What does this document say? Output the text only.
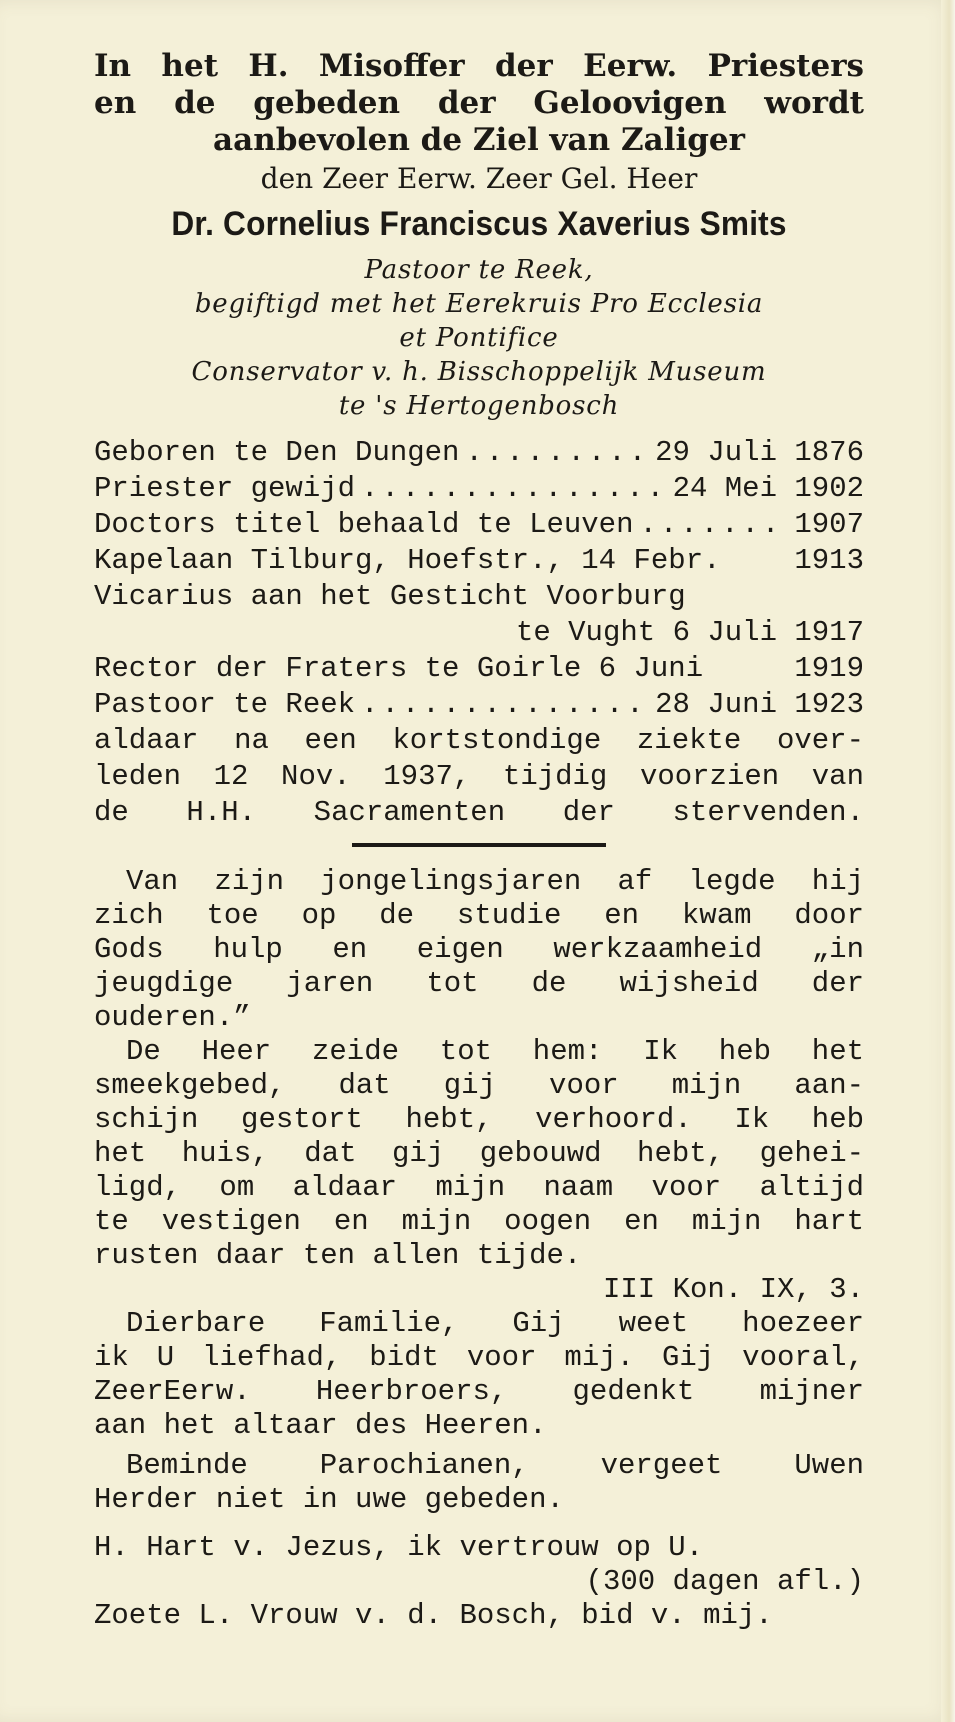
In het H. Misoffer der Eerw. Priesters

en de gebeden der Geloovigen wordt

aanbevolen de Ziel van Zaliger

den Zeer Eerw. Zeer Gel. Heer
Dr. Cornelius Franciscus Xaverius Smits
Pastoor te Reek,
begiftigd met het Eerekruis Pro Ecclesia
et Pontifice
Conservator v. h. Bisschoppelijk Museum
te 's Hertogenbosch
Geboren te Den Dungen .....	29 Juli 1876
Priester gewijd .....	24 Mei 1902
Doctors titel behaald te Leuven .....	1907
Kapelaan Tilburg, Hoefstr., 14 Febr.	1913
Vicarius aan het Gesticht Voorburg
te Vught 6 Juli 1917
Rector der Fraters te Goirle 6 Juni	1919
Pastoor te Reek .....	28 Juni 1923
aldaar na een kortstondige ziekte over-
leden 12 Nov. 1937, tijdig voorzien van
de H.H. Sacramenten der stervenden.
Van zijn jongelingsjaren af legde hij
zich toe op de studie en kwam door
Gods hulp en eigen werkzaamheid „in
jeugdige jaren tot de wijsheid der
ouderen.”
De Heer zeide tot hem: Ik heb het
smeekgebed, dat gij voor mijn aan-
schijn gestort hebt, verhoord. Ik heb
het huis, dat gij gebouwd hebt, gehei-
ligd, om aldaar mijn naam voor altijd
te vestigen en mijn oogen en mijn hart
rusten daar ten allen tijde.
III Kon. IX, 3.
Dierbare Familie, Gij weet hoezeer
ik U liefhad, bidt voor mij. Gij vooral,
ZeerEerw. Heerbroers, gedenkt mijner
aan het altaar des Heeren.
Beminde Parochianen, vergeet Uwen
Herder niet in uwe gebeden.
H. Hart v. Jezus, ik vertrouw op U.
(300 dagen afl.)
Zoete L. Vrouw v. d. Bosch, bid v. mij.
